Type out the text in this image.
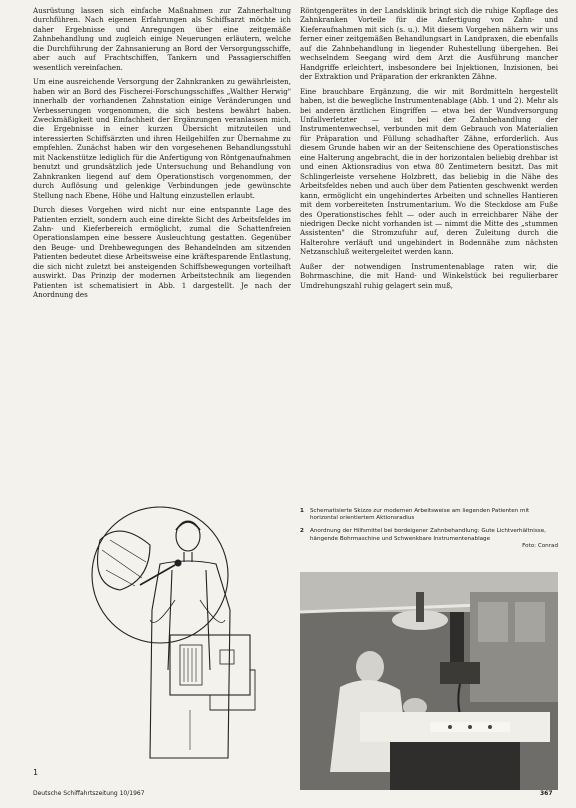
Ausrüstung lassen sich einfache Maßnahmen zur Zahnerhaltung durchführen. Nach eigenen Erfahrungen als Schiffsarzt möchte ich daher Ergebnisse und Anregungen über eine zeitgemäße Zahnbehandlung und zugleich einige Neuerungen erläutern, welche die Durchführung der Zahnsanierung an Bord der Versorgungsschiffe, aber auch auf Frachtschiffen, Tankern und Passagierschiffen wesentlich vereinfachen.

Um eine ausreichende Versorgung der Zahnkranken zu gewährleisten, haben wir an Bord des Fischerei-Forschungsschiffes „Walther Herwig" innerhalb der vorhandenen Zahnstation einige Veränderungen und Verbesserungen vorgenommen, die sich bestens bewährt haben. Zweckmäßigkeit und Einfachheit der Ergänzungen veranlassen mich, die Ergebnisse in einer kurzen Übersicht mitzuteilen und interessierten Schiffsärzten und ihren Heilgehilfen zur Übernahme zu empfehlen. Zunächst haben wir den vorgesehenen Behandlungsstuhl mit Nackenstütze lediglich für die Anfertigung von Röntgenaufnahmen benutzt und grundsätzlich jede Untersuchung und Behandlung von Zahnkranken liegend auf dem Operationstisch vorgenommen, der durch Auflösung und gelenkige Verbindungen jede gewünschte Stellung nach Ebene, Höhe und Haltung einzustellen erlaubt.

Durch dieses Vorgehen wird nicht nur eine entspannte Lage des Patienten erzielt, sondern auch eine direkte Sicht des Arbeitsfeldes im Zahn- und Kieferbereich ermöglicht, zumal die Schattenfreien Operationslampen eine bessere Ausleuchtung gestatten. Gegenüber den Beuge- und Drehbewegungen des Behandelnden am sitzenden Patienten bedeutet diese Arbeitsweise eine kräftesparende Entlastung, die sich nicht zuletzt bei ansteigenden Schiffsbewegungen vorteilhaft auswirkt. Das Prinzip der modernen Arbeitstechnik am liegenden Patienten ist schematisiert in Abb. 1 dargestellt. Je nach der Anordnung des

Röntgengerätes in der Landsklinik bringt sich die ruhige Kopflage des Zahnkranken Vorteile für die Anfertigung von Zahn- und Kieferaufnahmen mit sich (s. u.). Mit diesem Vorgehen nähern wir uns ferner einer zeitgemäßen Behandlungsart in Landpraxen, die ebenfalls auf die Zahnbehandlung in liegender Ruhestellung übergehen. Bei wechselndem Seegang wird dem Arzt die Ausführung mancher Handgriffe erleichtert, insbesondere bei Injektionen, Inzisionen, bei der Extraktion und Präparation der erkrankten Zähne.

Eine brauchbare Ergänzung, die wir mit Bordmitteln hergestellt haben, ist die bewegliche Instrumentenablage (Abb. 1 und 2). Mehr als bei anderen ärztlichen Eingriffen — etwa bei der Wundversorgung Unfallverletzter — ist bei der Zahnbehandlung der Instrumentenwechsel, verbunden mit dem Gebrauch von Materialien für Präparation und Füllung schadhafter Zähne, erforderlich. Aus diesem Grunde haben wir an der Seitenschiene des Operationstisches eine Halterung angebracht, die in der horizontalen beliebig drehbar ist und einen Aktionsradius von etwa 80 Zentimetern besitzt. Das mit Schlingerleiste versehene Holzbrett, das beliebig in die Nähe des Arbeitsfeldes neben und auch über dem Patienten geschwenkt werden kann, ermöglicht ein ungehindertes Arbeiten und schnelles Hantieren mit dem vorbereiteten Instrumentarium. Wo die Steckdose am Fuße des Operationstisches fehlt — oder auch in erreichbarer Nähe der niedrigen Decke nicht vorhanden ist — nimmt die Mitte des „stummen Assistenten" die Stromzufuhr auf, deren Zuleitung durch die Halterohre verläuft und ungehindert in Bodennähe zum nächsten Netzanschluß weitergeleitet werden kann.

Außer der notwendigen Instrumentenablage raten wir, die Bohrmaschine, die mit Hand- und Winkelstück bei regulierbarer Umdrehungszahl ruhig gelagert sein muß,

1
1	Schematisierte Skizze zur modernen Arbeitsweise am liegenden Patienten mit horizontal orientiertem Aktionsradius
2	Anordnung der Hilfsmittel bei bordeigener Zahnbehandlung: Gute Lichtverhältnisse, hängende Bohrmaschine und Schwenkbare Instrumentenablage
Foto: Conrad
Deutsche Schiffahrtszeitung 10/1967	367
